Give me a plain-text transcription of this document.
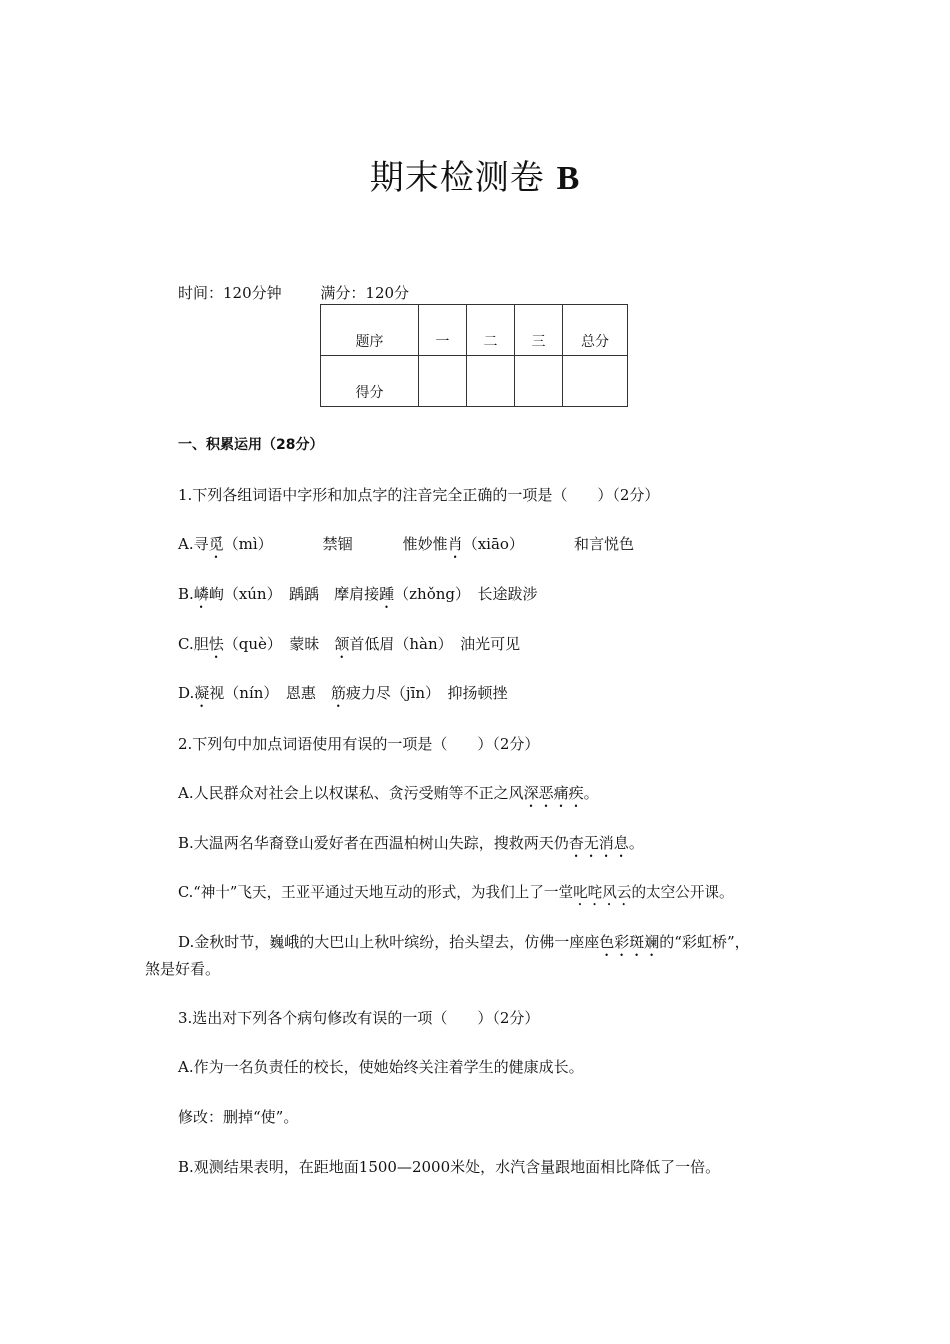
期末检测卷 B
时间：120分钟	满分：120分
题序	一	二	三	总分
得分				
一、积累运用（28分）
1.下列各组词语中字形和加点字的注音完全正确的一项是（　　）（2分）
A.寻觅（mì）	禁锢	惟妙惟肖（xiāo）	和言悦色
B.嶙峋（xún）　踽踽　摩肩接踵（zhǒng）　长途跋涉
C.胆怯（què）　蒙昧　颔首低眉（hàn）　油光可见
D.凝视（nín）　恩惠　筋疲力尽（jīn）　抑扬顿挫
2.下列句中加点词语使用有误的一项是（　　）（2分）
A.人民群众对社会上以权谋私、贪污受贿等不正之风深恶痛疾。
B.大温两名华裔登山爱好者在西温柏树山失踪，搜救两天仍杳无消息。
C.“神十”飞天，王亚平通过天地互动的形式，为我们上了一堂叱咤风云的太空公开课。
D.金秋时节，巍峨的大巴山上秋叶缤纷，抬头望去，仿佛一座座色彩斑斓的“彩虹桥”，
煞是好看。
3.选出对下列各个病句修改有误的一项（　　）（2分）
A.作为一名负责任的校长，使她始终关注着学生的健康成长。
修改：删掉“使”。
B.观测结果表明，在距地面1500—2000米处，水汽含量跟地面相比降低了一倍。
